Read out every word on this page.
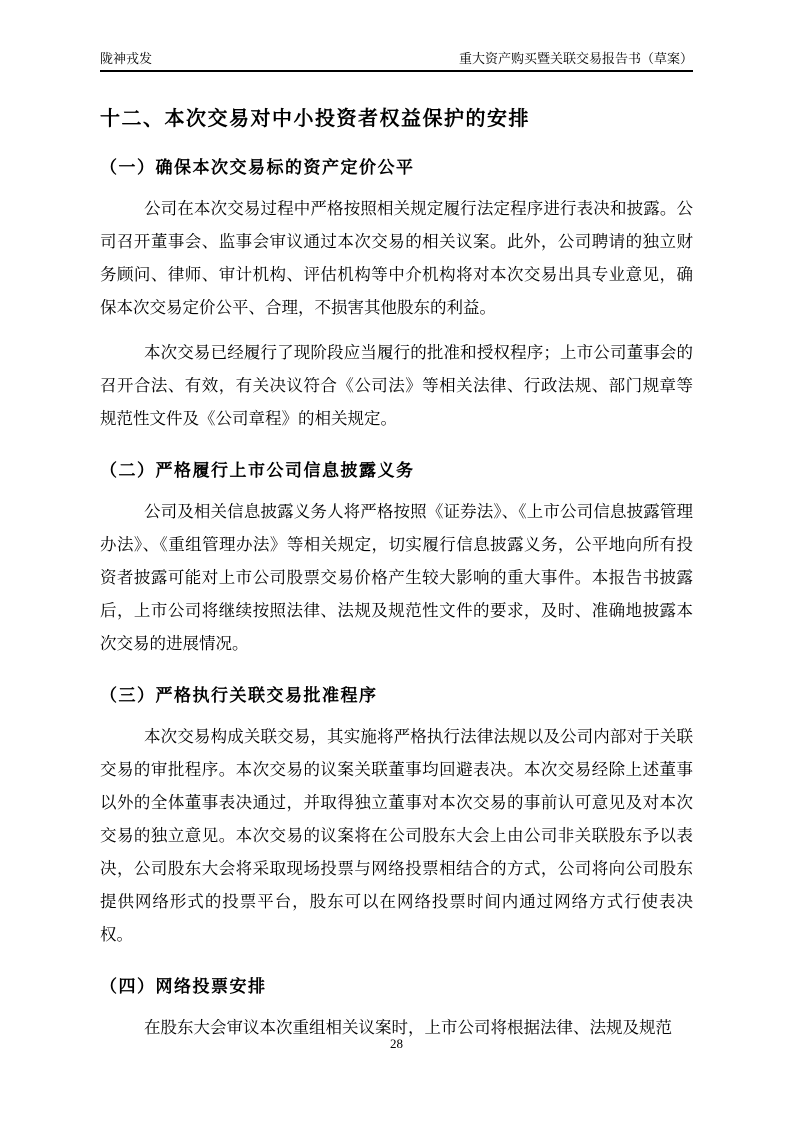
陇神戎发	重大资产购买暨关联交易报告书（草案）
十二、本次交易对中小投资者权益保护的安排
（一）确保本次交易标的资产定价公平

公司在本次交易过程中严格按照相关规定履行法定程序进行表决和披露。公司召开董事会、监事会审议通过本次交易的相关议案。此外，公司聘请的独立财务顾问、律师、审计机构、评估机构等中介机构将对本次交易出具专业意见，确保本次交易定价公平、合理，不损害其他股东的利益。

本次交易已经履行了现阶段应当履行的批准和授权程序；上市公司董事会的召开合法、有效，有关决议符合《公司法》等相关法律、行政法规、部门规章等规范性文件及《公司章程》的相关规定。

（二）严格履行上市公司信息披露义务

公司及相关信息披露义务人将严格按照《证券法》、《上市公司信息披露管理办法》、《重组管理办法》等相关规定，切实履行信息披露义务，公平地向所有投资者披露可能对上市公司股票交易价格产生较大影响的重大事件。本报告书披露后，上市公司将继续按照法律、法规及规范性文件的要求，及时、准确地披露本次交易的进展情况。

（三）严格执行关联交易批准程序

本次交易构成关联交易，其实施将严格执行法律法规以及公司内部对于关联交易的审批程序。本次交易的议案关联董事均回避表决。本次交易经除上述董事以外的全体董事表决通过，并取得独立董事对本次交易的事前认可意见及对本次交易的独立意见。本次交易的议案将在公司股东大会上由公司非关联股东予以表决，公司股东大会将采取现场投票与网络投票相结合的方式，公司将向公司股东提供网络形式的投票平台，股东可以在网络投票时间内通过网络方式行使表决权。

（四）网络投票安排

在股东大会审议本次重组相关议案时，上市公司将根据法律、法规及规范

28
